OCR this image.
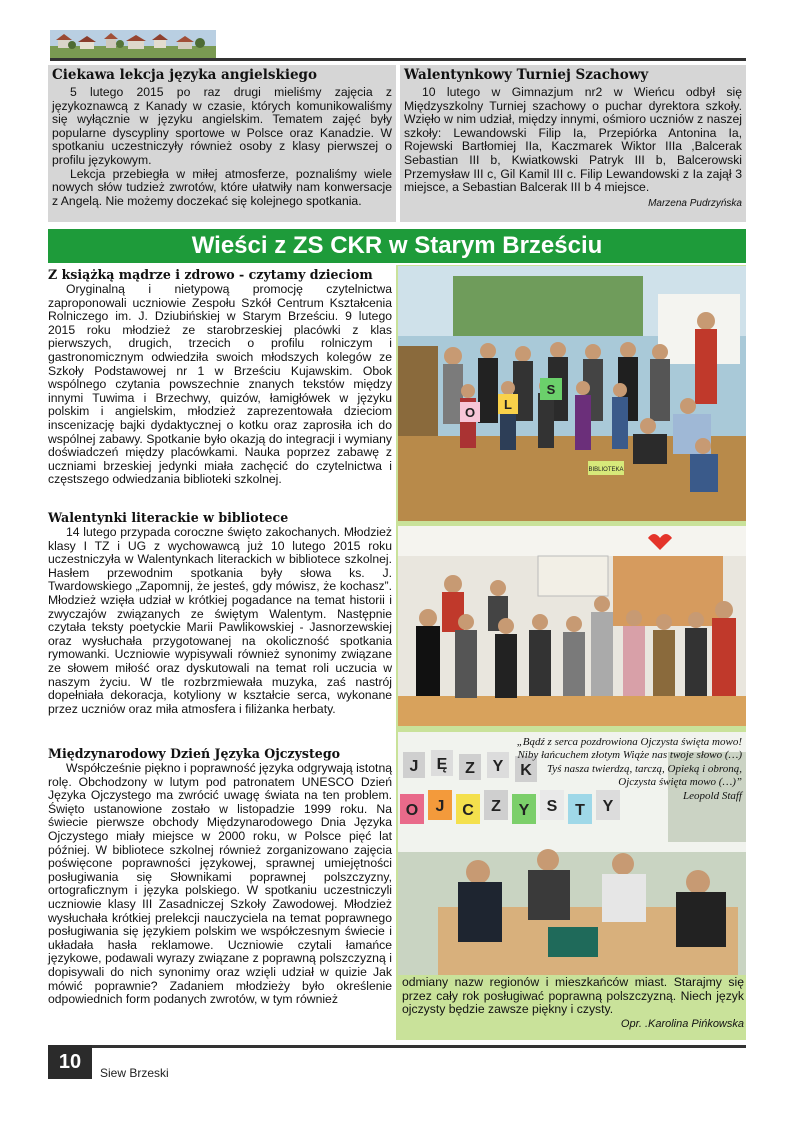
Ciekawa lekcja języka angielskiego

5 lutego 2015 po raz drugi mieliśmy zajęcia z językoznawcą z Kanady w czasie, których komunikowaliśmy się wyłącznie w języku angielskim. Tematem zajęć były popularne dyscypliny sportowe w Polsce oraz Kanadzie. W spotkaniu uczestniczyły również osoby z klasy pierwszej o profilu językowym.

Lekcja przebiegła w miłej atmosferze, poznaliśmy wiele nowych słów tudzież zwrotów, które ułatwiły nam konwersacje z Angelą. Nie możemy doczekać się kolejnego spotkania.

Walentynkowy Turniej Szachowy

10 lutego w Gimnazjum nr2 w Wieńcu odbył się Międzyszkolny Turniej szachowy o puchar dyrektora szkoły. Wzięło w nim udział, między innymi, ośmioro uczniów z naszej szkoły: Lewandowski Filip Ia, Przepiórka Antonina Ia, Rojewski Bartłomiej IIa, Kaczmarek Wiktor IIIa ,Balcerak Sebastian III b, Kwiatkowski Patryk III b, Balcerowski Przemysław III c, Gil Kamil III c. Filip Lewandowski z Ia zajął 3 miejsce, a Sebastian Balcerak III b 4 miejsce.

Marzena Pudrzyńska
Wieści z ZS CKR w Starym Brześciu
Z książką mądrze i zdrowo - czytamy dzieciom

Oryginalną i nietypową promocję czytelnictwa zaproponowali uczniowie Zespołu Szkół Centrum Kształcenia Rolniczego im. J. Dziubińskiej w Starym Brześciu. 9 lutego 2015 roku młodzież ze starobrzeskiej placówki z klas pierwszych, drugich, trzecich o profilu rolniczym i gastronomicznym odwiedziła swoich młodszych kolegów ze Szkoły Podstawowej nr 1 w Brześciu Kujawskim. Obok wspólnego czytania powszechnie znanych tekstów między innymi Tuwima i Brzechwy, quizów, łamigłówek w języku polskim i angielskim, młodzież zaprezentowała dzieciom inscenizację bajki dydaktycznej o kotku oraz zaprosiła ich do wspólnej zabawy. Spotkanie było okazją do integracji i wymiany doświadczeń między placówkami. Nauka poprzez zabawę z uczniami brzeskiej jedynki miała zachęcić do czytelnictwa i częstszego odwiedzania biblioteki szkolnej.

Walentynki literackie w bibliotece

14 lutego przypada coroczne święto zakochanych. Młodzież klasy I TZ i UG z wychowawcą już 10 lutego 2015 roku uczestniczyła w Walentynkach literackich w bibliotece szkolnej. Hasłem przewodnim spotkania były słowa ks. J. Twardowskiego „Zapomnij, że jesteś, gdy mówisz, że kochasz”. Młodzież wzięła udział w krótkiej pogadance na temat historii i zwyczajów związanych ze świętym Walentym. Następnie czytała teksty poetyckie Marii Pawlikowskiej - Jasnorzewskiej oraz wysłuchała przygotowanej na okoliczność spotkania rymowanki. Uczniowie wypisywali również synonimy związane ze słowem miłość oraz dyskutowali na temat roli uczucia w naszym życiu. W tle rozbrzmiewała muzyka, zaś nastrój dopełniała dekoracja, kotyliony w kształcie serca, wykonane przez uczniów oraz miła atmosfera i filiżanka herbaty.

Międzynarodowy Dzień Języka Ojczystego

Współcześnie piękno i poprawność języka odgrywają istotną rolę. Obchodzony w lutym pod patronatem UNESCO Dzień Języka Ojczystego ma zwrócić uwagę świata na ten problem. Święto ustanowione zostało w listopadzie 1999 roku. Na świecie pierwsze obchody Międzynarodowego Dnia Języka Ojczystego miały miejsce w 2000 roku, w Polsce pięć lat później. W bibliotece szkolnej również zorganizowano zajęcia poświęcone poprawności językowej, sprawnej umiejętności posługiwania się Słownikami poprawnej polszczyzny, ortograficznym i języka polskiego. W spotkaniu uczestniczyli uczniowie klasy III Zasadniczej Szkoły Zawodowej. Młodzież wysłuchała krótkiej prelekcji nauczyciela na temat poprawnego posługiwania się językiem polskim we współczesnym świecie i układała hasła reklamowe. Uczniowie czytali łamańce językowe, podawali wyrazy związane z poprawną polszczyzną i dopisywali do nich synonimy oraz wzięli udział w quizie Jak mówić poprawnie? Zadaniem młodzieży było określenie odpowiednich form podanych zwrotów, w tym również

O
L
S
BIBLIOTEKA
J Ę Z Y K
O J C Z Y S T Y
„Bądź z serca pozdrowiona Ojczysta święta mowo!
Niby łańcuchem złotym Wiąże nas twoje słowo (…)
Tyś nasza twierdzą, tarczą, Opieką i obroną,
Ojczysta święta mowo (…)”
Leopold Staff
odmiany nazw regionów i mieszkańców miast. Starajmy się przez cały rok posługiwać poprawną polszczyzną. Niech język ojczysty będzie zawsze piękny i czysty.
Opr. .Karolina Pińkowska
10
Siew Brzeski
